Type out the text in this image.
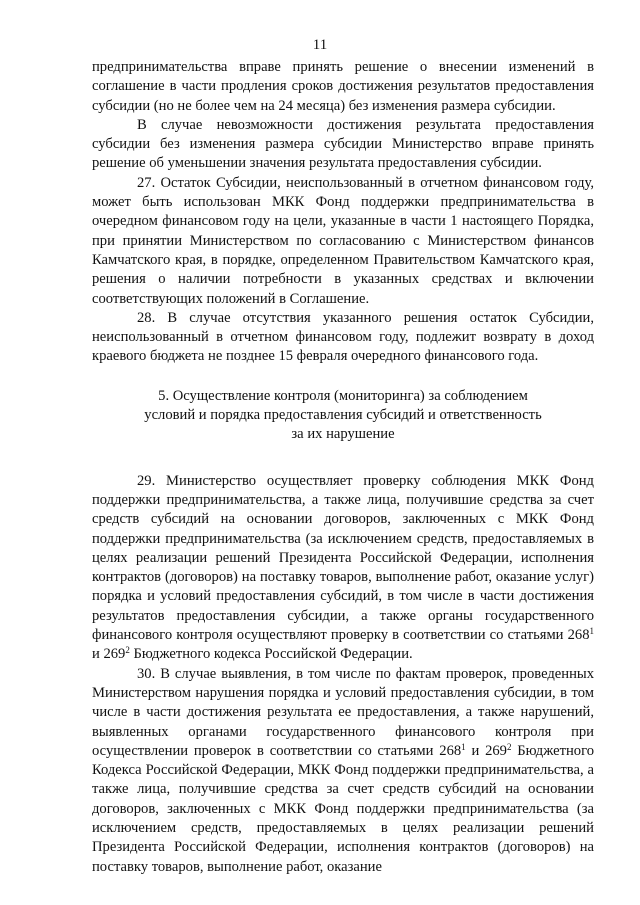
11

предпринимательства вправе принять решение о внесении изменений в соглашение в части продления сроков достижения результатов предоставления субсидии (но не более чем на 24 месяца) без изменения размера субсидии.

В случае невозможности достижения результата предоставления субсидии без изменения размера субсидии Министерство вправе принять решение об уменьшении значения результата предоставления субсидии.

27. Остаток Субсидии, неиспользованный в отчетном финансовом году, может быть использован МКК Фонд поддержки предпринимательства в очередном финансовом году на цели, указанные в части 1 настоящего Порядка, при принятии Министерством по согласованию с Министерством финансов Камчатского края, в порядке, определенном Правительством Камчатского края, решения о наличии потребности в указанных средствах и включении соответствующих положений в Соглашение.

28. В случае отсутствия указанного решения остаток Субсидии, неиспользованный в отчетном финансовом году, подлежит возврату в доход краевого бюджета не позднее 15 февраля очередного финансового года.

5. Осуществление контроля (мониторинга) за соблюдением
условий и порядка предоставления субсидий и ответственность
за их нарушение

29. Министерство осуществляет проверку соблюдения МКК Фонд поддержки предпринимательства, а также лица, получившие средства за счет средств субсидий на основании договоров, заключенных с МКК Фонд поддержки предпринимательства (за исключением средств, предоставляемых в целях реализации решений Президента Российской Федерации, исполнения контрактов (договоров) на поставку товаров, выполнение работ, оказание услуг) порядка и условий предоставления субсидий, в том числе в части достижения результатов предоставления субсидии, а также органы государственного финансового контроля осуществляют проверку в соответствии со статьями $268^1$ и $269^2$ Бюджетного кодекса Российской Федерации.

30. В случае выявления, в том числе по фактам проверок, проведенных Министерством нарушения порядка и условий предоставления субсидии, в том числе в части достижения результата ее предоставления, а также нарушений, выявленных органами государственного финансового контроля при осуществлении проверок в соответствии со статьями $268^1$ и $269^2$ Бюджетного Кодекса Российской Федерации, МКК Фонд поддержки предпринимательства, а также лица, получившие средства за счет средств субсидий на основании договоров, заключенных с МКК Фонд поддержки предпринимательства (за исключением средств, предоставляемых в целях реализации решений Президента Российской Федерации, исполнения контрактов (договоров) на поставку товаров, выполнение работ, оказание
